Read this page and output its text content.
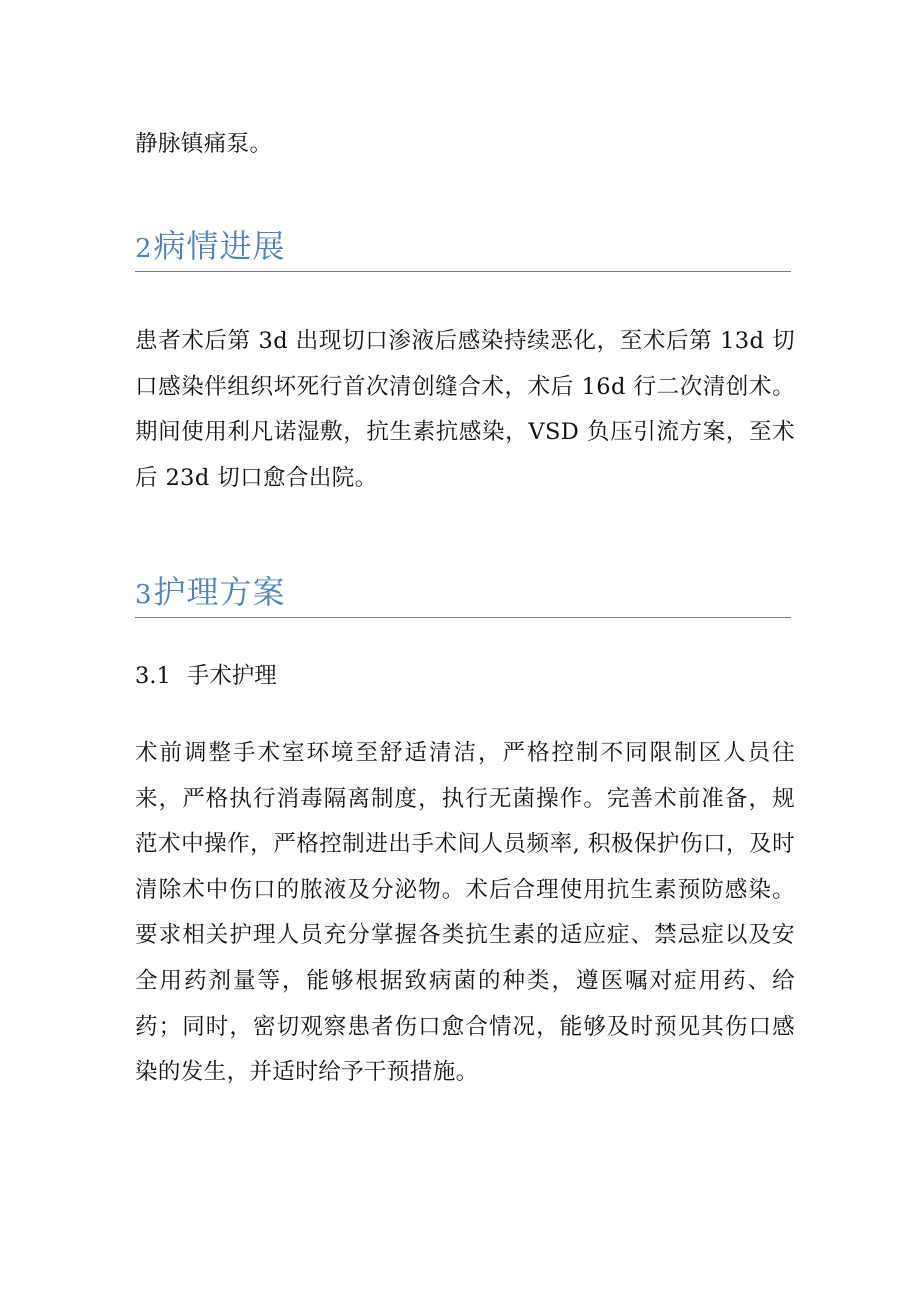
静脉镇痛泵。

2病情进展

患者术后第 3d 出现切口渗液后感染持续恶化，至术后第 13d 切口感染伴组织坏死行首次清创缝合术，术后 16d 行二次清创术。期间使用利凡诺湿敷，抗生素抗感染，VSD 负压引流方案，至术后 23d 切口愈合出院。

3护理方案
3.1 手术护理

术前调整手术室环境至舒适清洁，严格控制不同限制区人员往来，严格执行消毒隔离制度，执行无菌操作。完善术前准备，规范术中操作，严格控制进出手术间人员频率, 积极保护伤口，及时清除术中伤口的脓液及分泌物。术后合理使用抗生素预防感染。要求相关护理人员充分掌握各类抗生素的适应症、禁忌症以及安全用药剂量等，能够根据致病菌的种类，遵医嘱对症用药、给药；同时，密切观察患者伤口愈合情况，能够及时预见其伤口感染的发生，并适时给予干预措施。
